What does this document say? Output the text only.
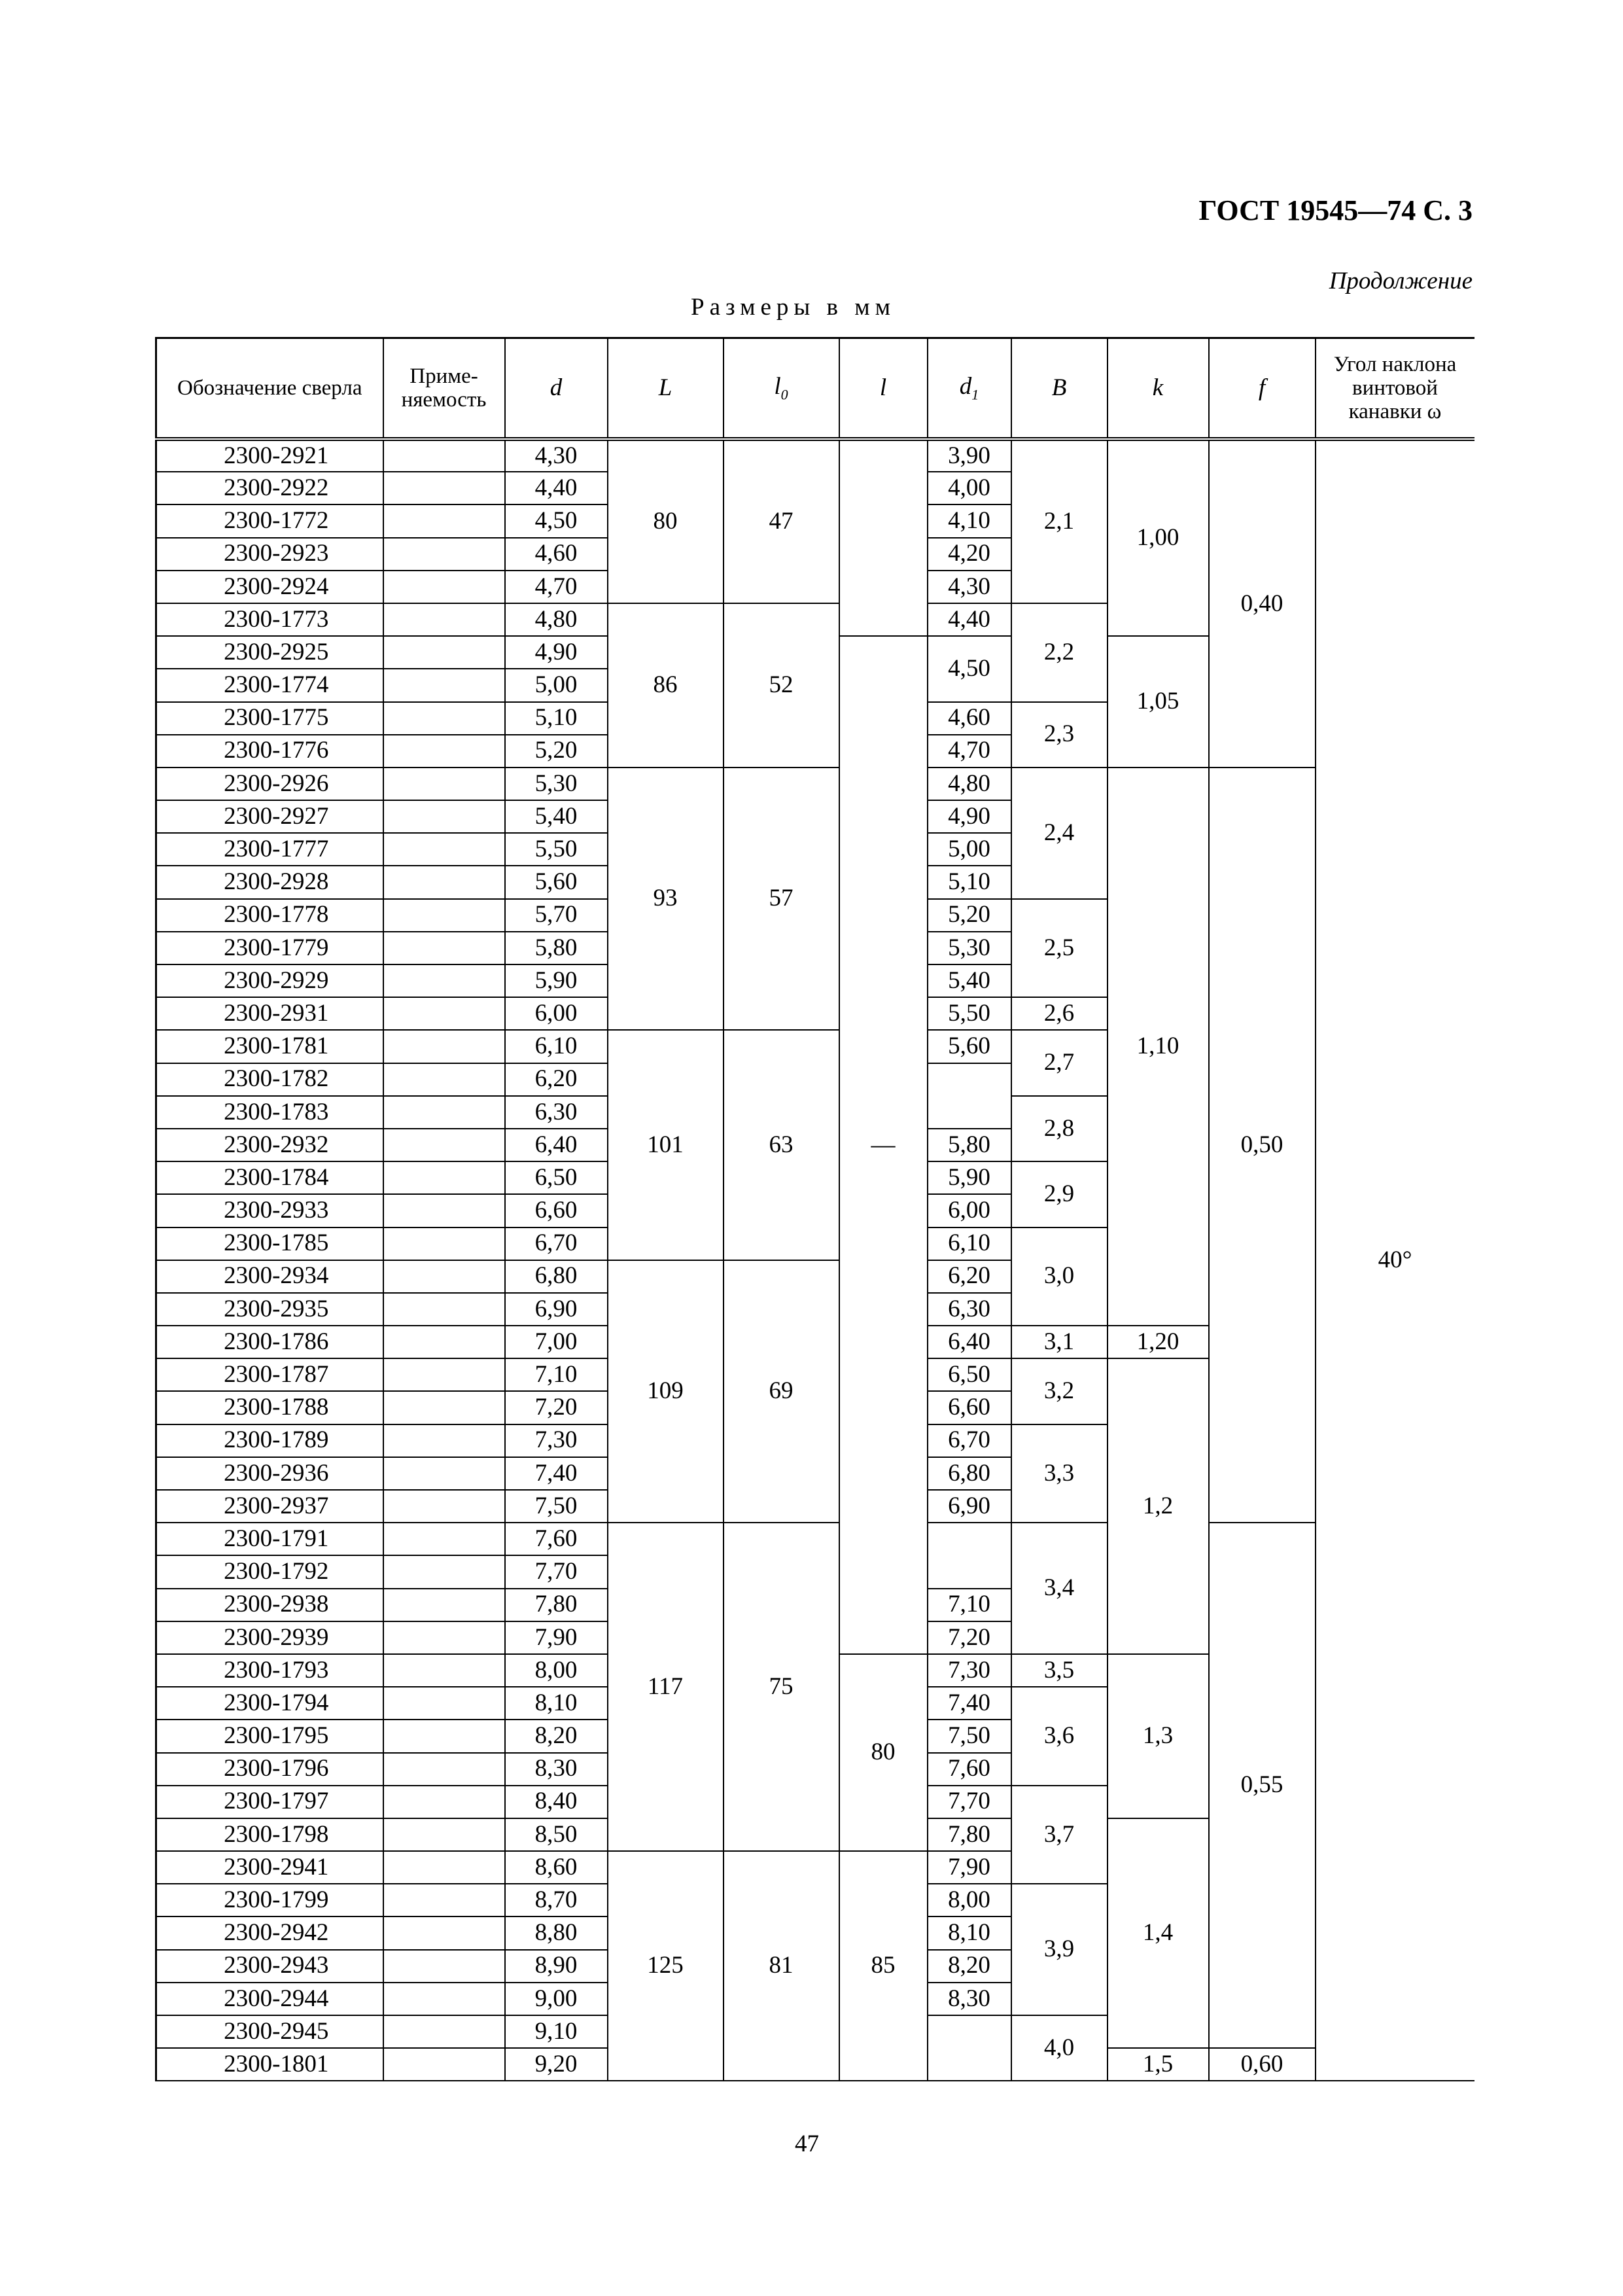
ГОСТ 19545—74 С. 3
Продолжение
Размеры в мм
Обозначение сверла	Приме-няемость	d	L	$l_0$	l	$d_1$	B	k	f	Угол наклона винтовой канавки ω
2300-2921		4,30	80	47		3,90	2,1	1,00	0,40	40°
2300-2922		4,40				4,00				
2300-1772		4,50				4,10				
2300-2923		4,60				4,20				
2300-2924		4,70				4,30				
2300-1773		4,80	86	52		4,40	2,2			
2300-2925		4,90			—	4,50		1,05		
2300-1774		5,00								
2300-1775		5,10				4,60	2,3			
2300-1776		5,20				4,70				
2300-2926		5,30	93	57		4,80	2,4	1,10	0,50	
2300-2927		5,40				4,90				
2300-1777		5,50				5,00				
2300-2928		5,60				5,10				
2300-1778		5,70				5,20	2,5			
2300-1779		5,80				5,30				
2300-2929		5,90				5,40				
2300-2931		6,00				5,50	2,6			
2300-1781		6,10	101	63		5,60	2,7			
2300-1782		6,20								
2300-1783		6,30					2,8			
2300-2932		6,40				5,80				
2300-1784		6,50				5,90	2,9			
2300-2933		6,60				6,00				
2300-1785		6,70				6,10	3,0			
2300-2934		6,80	109	69		6,20				
2300-2935		6,90				6,30				
2300-1786		7,00				6,40	3,1	1,20		
2300-1787		7,10				6,50	3,2	1,2		
2300-1788		7,20				6,60				
2300-1789		7,30				6,70	3,3			
2300-2936		7,40				6,80				
2300-2937		7,50				6,90				
2300-1791		7,60	117	75			3,4		0,55	
2300-1792		7,70								
2300-2938		7,80				7,10				
2300-2939		7,90				7,20				
2300-1793		8,00			80	7,30	3,5	1,3		
2300-1794		8,10				7,40	3,6			
2300-1795		8,20				7,50				
2300-1796		8,30				7,60				
2300-1797		8,40				7,70	3,7			
2300-1798		8,50				7,80		1,4		
2300-2941		8,60	125	81	85	7,90				
2300-1799		8,70				8,00	3,9			
2300-2942		8,80				8,10				
2300-2943		8,90				8,20				
2300-2944		9,00				8,30				
2300-2945		9,10					4,0			
2300-1801		9,20						1,5	0,60	
47
